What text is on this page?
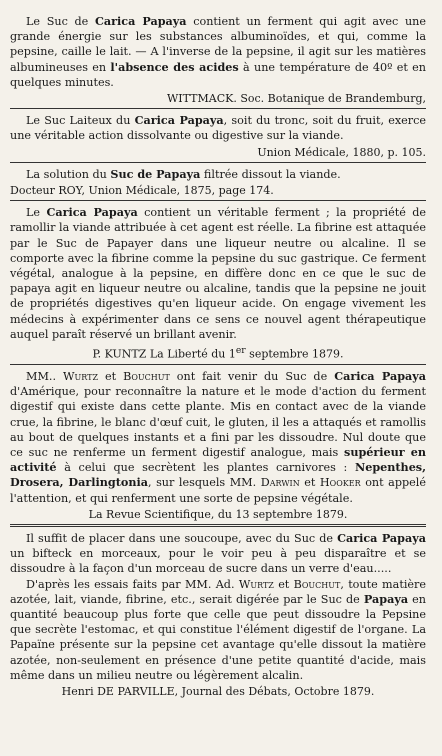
Le Suc de Carica Papaya contient un ferment qui agit avec une grande énergie sur les substances albuminoïdes, et qui, comme la pepsine, caille le lait. — A l'inverse de la pepsine, il agit sur les matières albumineuses en l'absence des acides à une température de 40º et en quelques minutes.

WITTMACK. Soc. Botanique de Brandemburg,

Le Suc Laiteux du Carica Papaya, soit du tronc, soit du fruit, exerce une véritable action dissolvante ou digestive sur la viande.

Union Médicale, 1880, p. 105.

La solution du Suc de Papaya filtrée dissout la viande.

Docteur ROY, Union Médicale, 1875, page 174.

Le Carica Papaya contient un véritable ferment ; la propriété de ramollir la viande attribuée à cet agent est réelle. La fibrine est attaquée par le Suc de Papayer dans une liqueur neutre ou alcaline. Il se comporte avec la fibrine comme la pepsine du suc gastrique. Ce ferment végétal, analogue à la pepsine, en diffère donc en ce que le suc de papaya agit en liqueur neutre ou alcaline, tandis que la pepsine ne jouit de propriétés digestives qu'en liqueur acide. On engage vivement les médecins à expérimenter dans ce sens ce nouvel agent thérapeutique auquel paraît réservé un brillant avenir.

P. KUNTZ La Liberté du 1er septembre 1879.

MM.. Wurtz et Bouchut ont fait venir du Suc de Carica Papaya d'Amérique, pour reconnaître la nature et le mode d'action du ferment digestif qui existe dans cette plante. Mis en contact avec de la viande crue, la fibrine, le blanc d'œuf cuit, le gluten, il les a attaqués et ramollis au bout de quelques instants et a fini par les dissoudre. Nul doute que ce suc ne renferme un ferment digestif analogue, mais supérieur en activité à celui que secrètent les plantes carnivores : Nepenthes, Drosera, Darlingtonia, sur lesquels MM. Darwin et Hooker ont appelé l'attention, et qui renferment une sorte de pepsine végétale.

La Revue Scientifique, du 13 septembre 1879.

Il suffit de placer dans une soucoupe, avec du Suc de Carica Papaya un bifteck en morceaux, pour le voir peu à peu disparaître et se dissoudre à la façon d'un morceau de sucre dans un verre d'eau.....

D'après les essais faits par MM. Ad. Wurtz et Bouchut, toute matière azotée, lait, viande, fibrine, etc., serait digérée par le Suc de Papaya en quantité beaucoup plus forte que celle que peut dissoudre la Pepsine que secrète l'estomac, et qui constitue l'élément digestif de l'organe. La Papaïne présente sur la pepsine cet avantage qu'elle dissout la matière azotée, non-seulement en présence d'une petite quantité d'acide, mais même dans un milieu neutre ou légèrement alcalin.

Henri DE PARVILLE, Journal des Débats, Octobre 1879.
